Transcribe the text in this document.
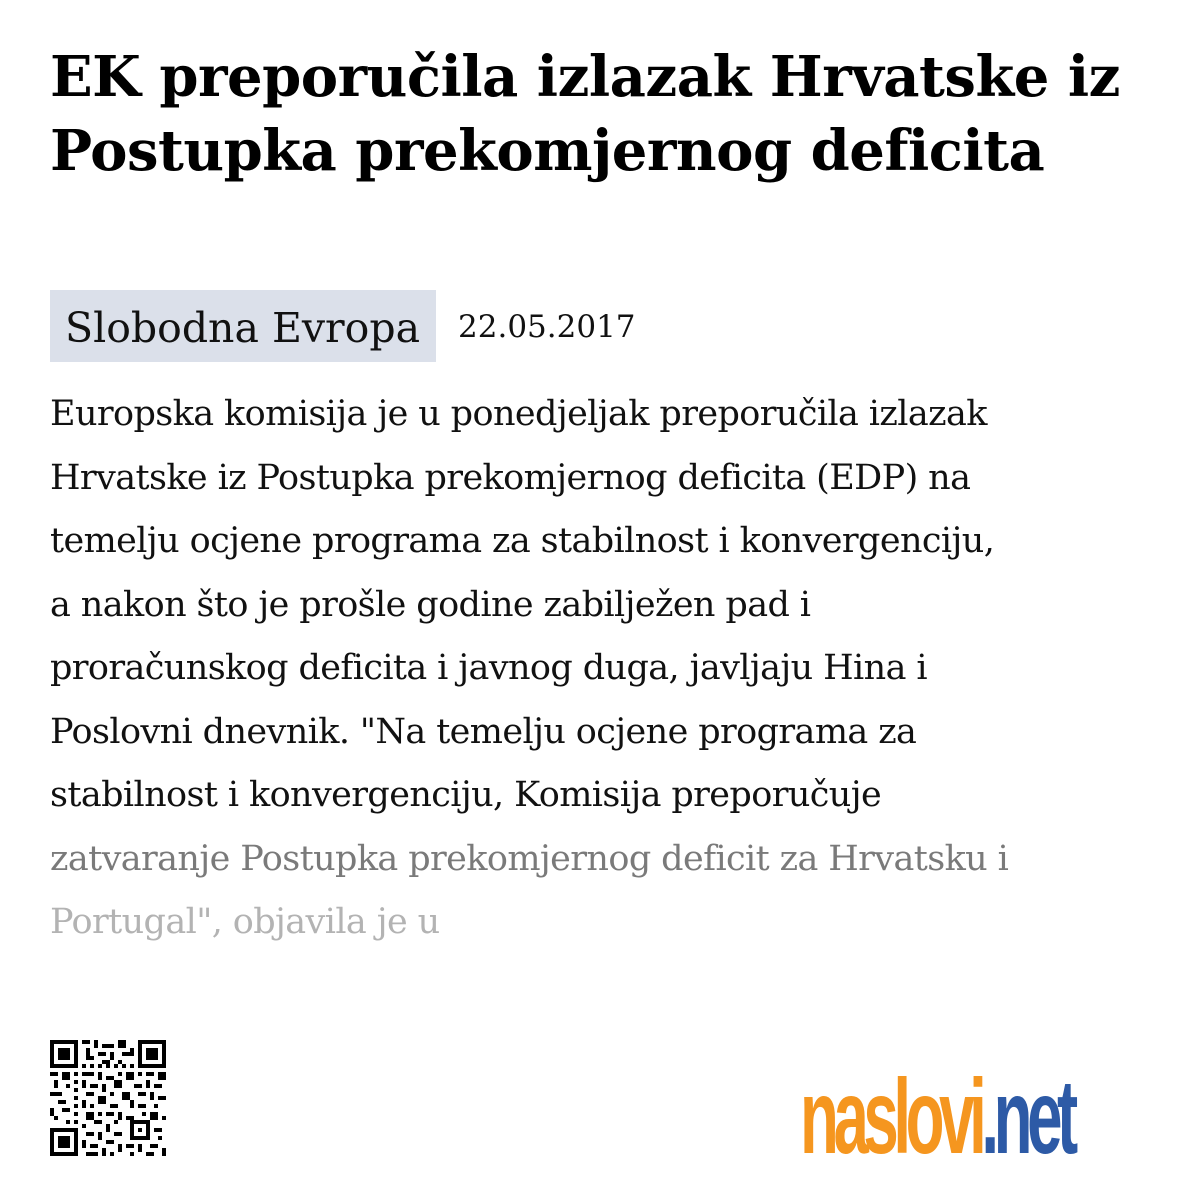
EK preporučila izlazak Hrvatske iz Postupka prekomjernog deficita
Slobodna Evropa	22.05.2017
Europska komisija je u ponedjeljak preporučila izlazak
Hrvatske iz Postupka prekomjernog deficita (EDP) na
temelju ocjene programa za stabilnost i konvergenciju,
a nakon što je prošle godine zabilježen pad i
proračunskog deficita i javnog duga, javljaju Hina i
Poslovni dnevnik. "Na temelju ocjene programa za
stabilnost i konvergenciju, Komisija preporučuje
zatvaranje Postupka prekomjernog deficit za Hrvatsku i
Portugal", objavila je u
naslovi.net
